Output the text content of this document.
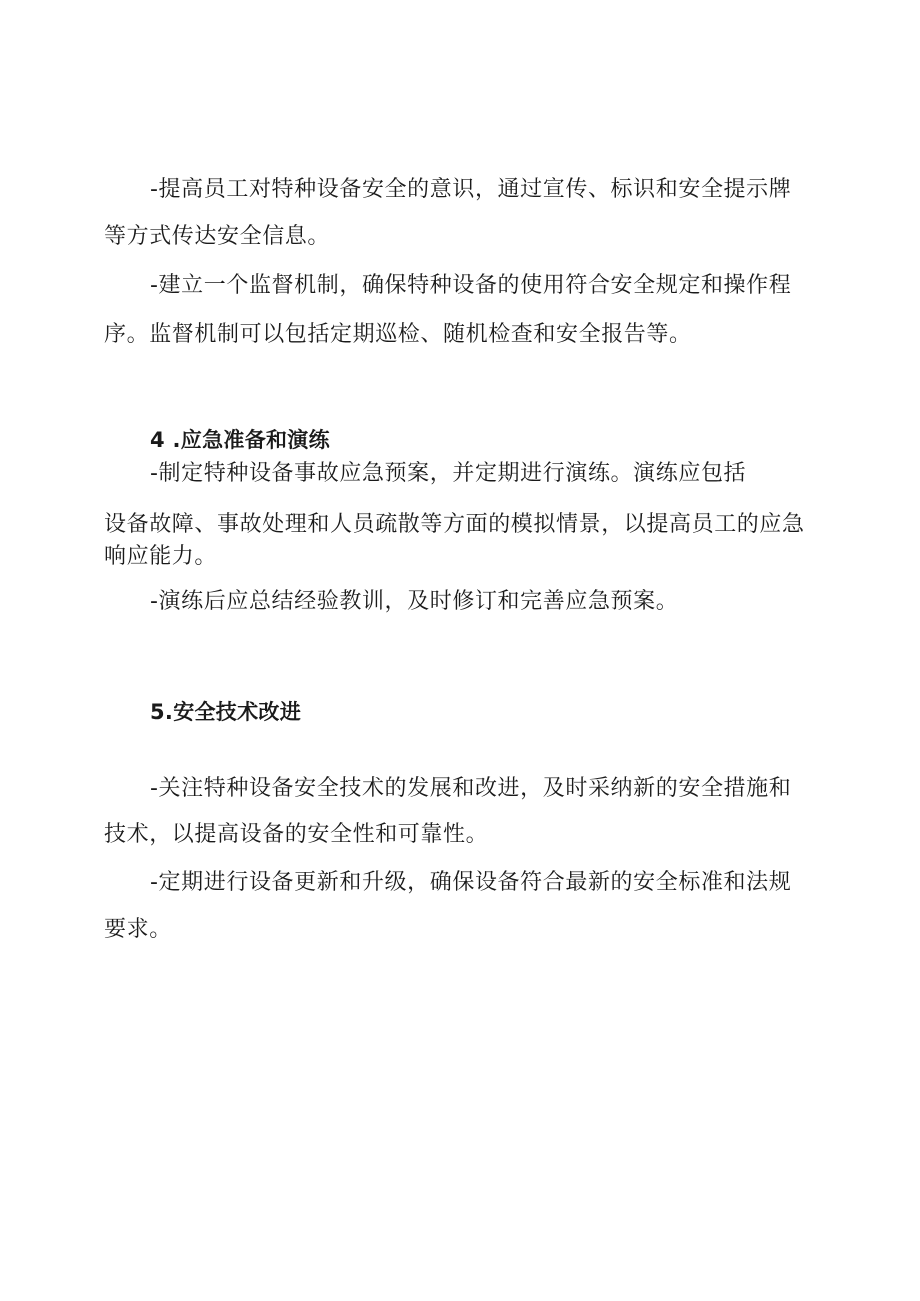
-提高员工对特种设备安全的意识，通过宣传、标识和安全提示牌
等方式传达安全信息。
-建立一个监督机制，确保特种设备的使用符合安全规定和操作程
序。监督机制可以包括定期巡检、随机检查和安全报告等。
4 .应急准备和演练
-制定特种设备事故应急预案，并定期进行演练。演练应包括
设备故障、事故处理和人员疏散等方面的模拟情景，以提高员工的应急
响应能力。
-演练后应总结经验教训，及时修订和完善应急预案。
5.安全技术改进
-关注特种设备安全技术的发展和改进，及时采纳新的安全措施和
技术，以提高设备的安全性和可靠性。
-定期进行设备更新和升级，确保设备符合最新的安全标准和法规
要求。
